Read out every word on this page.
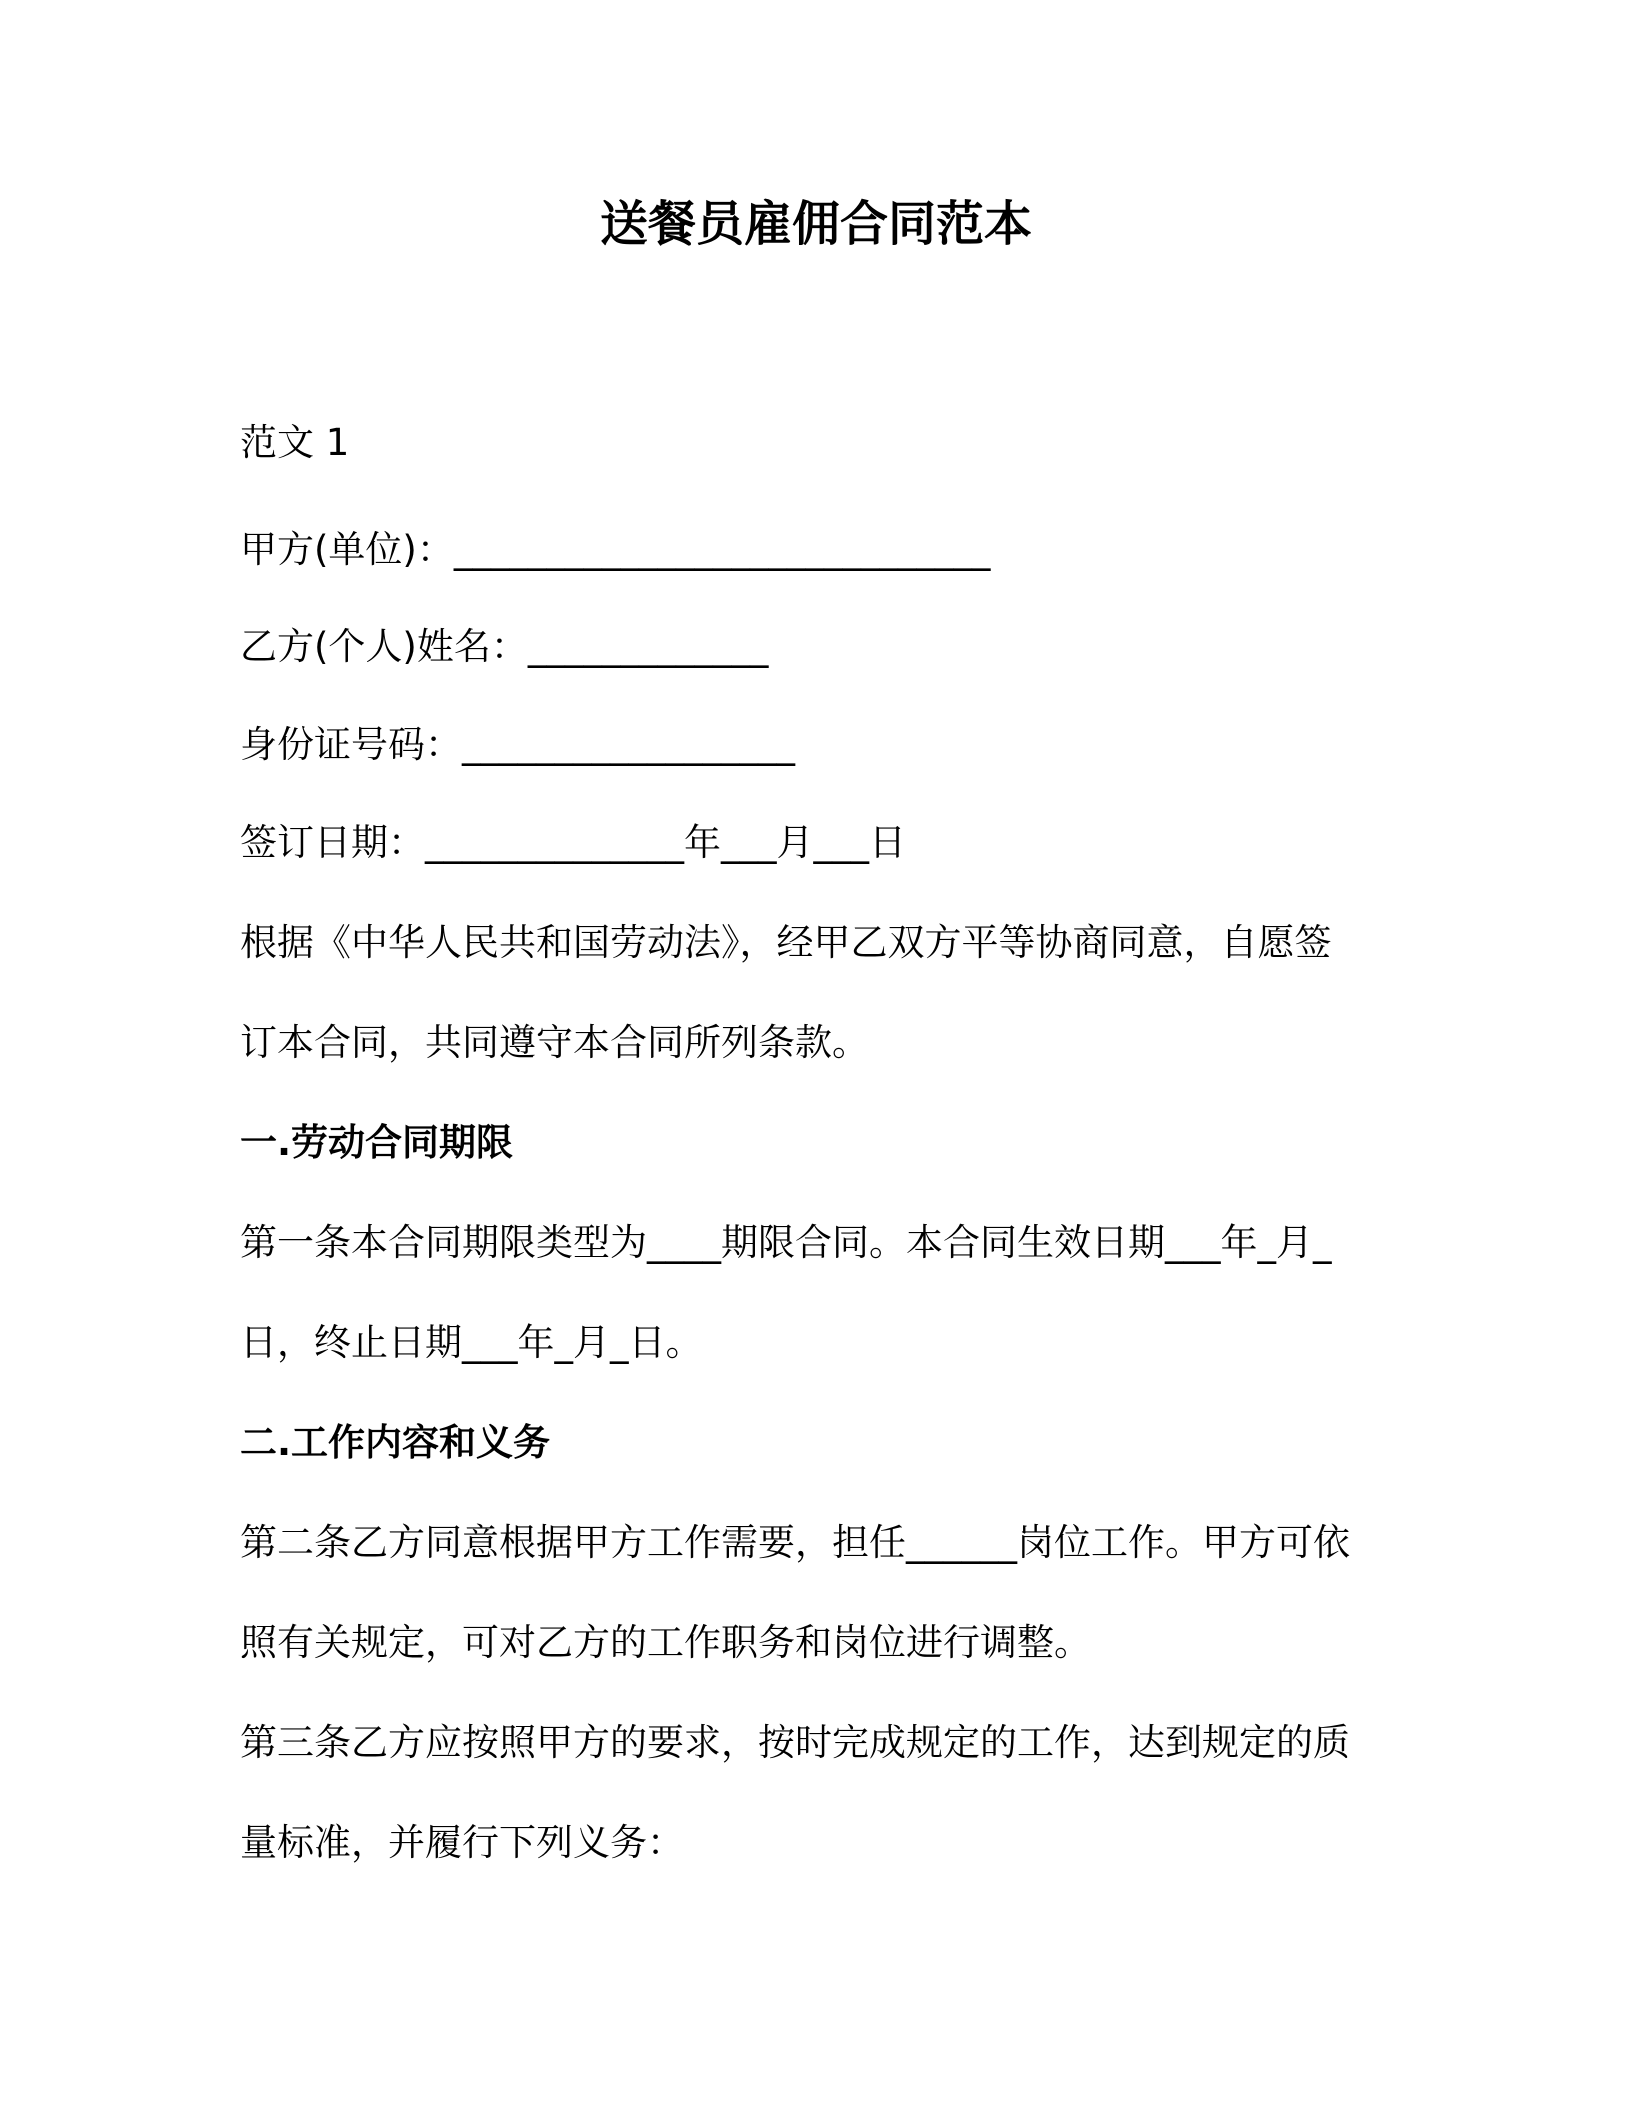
送餐员雇佣合同范本

范文 1

甲方(单位)：_____________________________

乙方(个人)姓名：_____________

身份证号码：__________________

签订日期：______________年___月___日

根据《中华人民共和国劳动法》，经甲乙双方平等协商同意，自愿签

订本合同，共同遵守本合同所列条款。

一.劳动合同期限

第一条本合同期限类型为____期限合同。本合同生效日期___年_月_

日，终止日期___年_月_日。

二.工作内容和义务

第二条乙方同意根据甲方工作需要，担任______岗位工作。甲方可依

照有关规定，可对乙方的工作职务和岗位进行调整。

第三条乙方应按照甲方的要求，按时完成规定的工作，达到规定的质

量标准，并履行下列义务：
